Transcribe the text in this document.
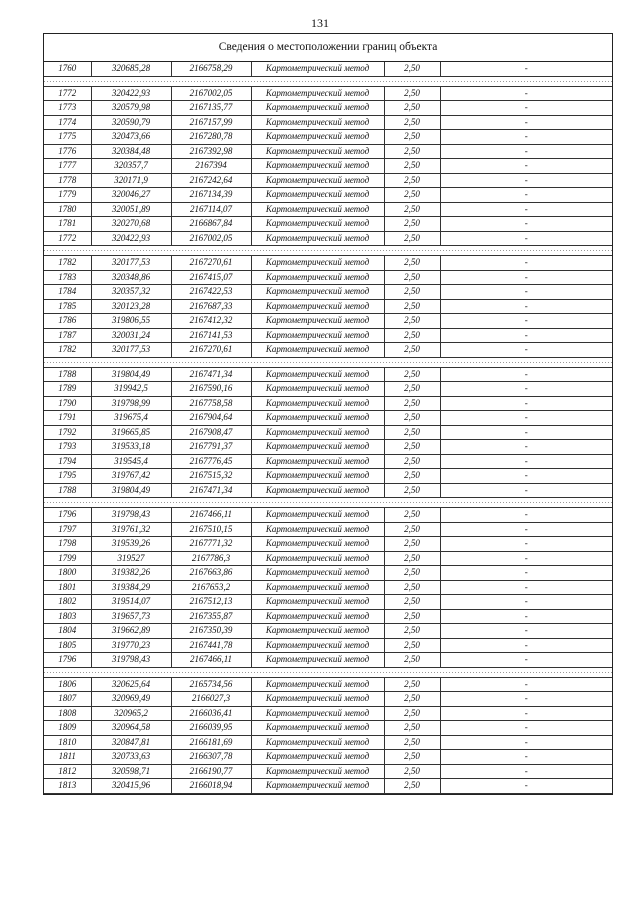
131
Сведения о местоположении границ объекта
1760	320685,28	2166758,29	Картометрический метод	2,50	-

1772	320422,93	2167002,05	Картометрический метод	2,50	-
1773	320579,98	2167135,77	Картометрический метод	2,50	-
1774	320590,79	2167157,99	Картометрический метод	2,50	-
1775	320473,66	2167280,78	Картометрический метод	2,50	-
1776	320384,48	2167392,98	Картометрический метод	2,50	-
1777	320357,7	2167394	Картометрический метод	2,50	-
1778	320171,9	2167242,64	Картометрический метод	2,50	-
1779	320046,27	2167134,39	Картометрический метод	2,50	-
1780	320051,89	2167114,07	Картометрический метод	2,50	-
1781	320270,68	2166867,84	Картометрический метод	2,50	-
1772	320422,93	2167002,05	Картометрический метод	2,50	-

1782	320177,53	2167270,61	Картометрический метод	2,50	-
1783	320348,86	2167415,07	Картометрический метод	2,50	-
1784	320357,32	2167422,53	Картометрический метод	2,50	-
1785	320123,28	2167687,33	Картометрический метод	2,50	-
1786	319806,55	2167412,32	Картометрический метод	2,50	-
1787	320031,24	2167141,53	Картометрический метод	2,50	-
1782	320177,53	2167270,61	Картометрический метод	2,50	-

1788	319804,49	2167471,34	Картометрический метод	2,50	-
1789	319942,5	2167590,16	Картометрический метод	2,50	-
1790	319798,99	2167758,58	Картометрический метод	2,50	-
1791	319675,4	2167904,64	Картометрический метод	2,50	-
1792	319665,85	2167908,47	Картометрический метод	2,50	-
1793	319533,18	2167791,37	Картометрический метод	2,50	-
1794	319545,4	2167776,45	Картометрический метод	2,50	-
1795	319767,42	2167515,32	Картометрический метод	2,50	-
1788	319804,49	2167471,34	Картометрический метод	2,50	-

1796	319798,43	2167466,11	Картометрический метод	2,50	-
1797	319761,32	2167510,15	Картометрический метод	2,50	-
1798	319539,26	2167771,32	Картометрический метод	2,50	-
1799	319527	2167786,3	Картометрический метод	2,50	-
1800	319382,26	2167663,86	Картометрический метод	2,50	-
1801	319384,29	2167653,2	Картометрический метод	2,50	-
1802	319514,07	2167512,13	Картометрический метод	2,50	-
1803	319657,73	2167355,87	Картометрический метод	2,50	-
1804	319662,89	2167350,39	Картометрический метод	2,50	-
1805	319770,23	2167441,78	Картометрический метод	2,50	-
1796	319798,43	2167466,11	Картометрический метод	2,50	-

1806	320625,64	2165734,56	Картометрический метод	2,50	-
1807	320969,49	2166027,3	Картометрический метод	2,50	-
1808	320965,2	2166036,41	Картометрический метод	2,50	-
1809	320964,58	2166039,95	Картометрический метод	2,50	-
1810	320847,81	2166181,69	Картометрический метод	2,50	-
1811	320733,63	2166307,78	Картометрический метод	2,50	-
1812	320598,71	2166190,77	Картометрический метод	2,50	-
1813	320415,96	2166018,94	Картометрический метод	2,50	-
